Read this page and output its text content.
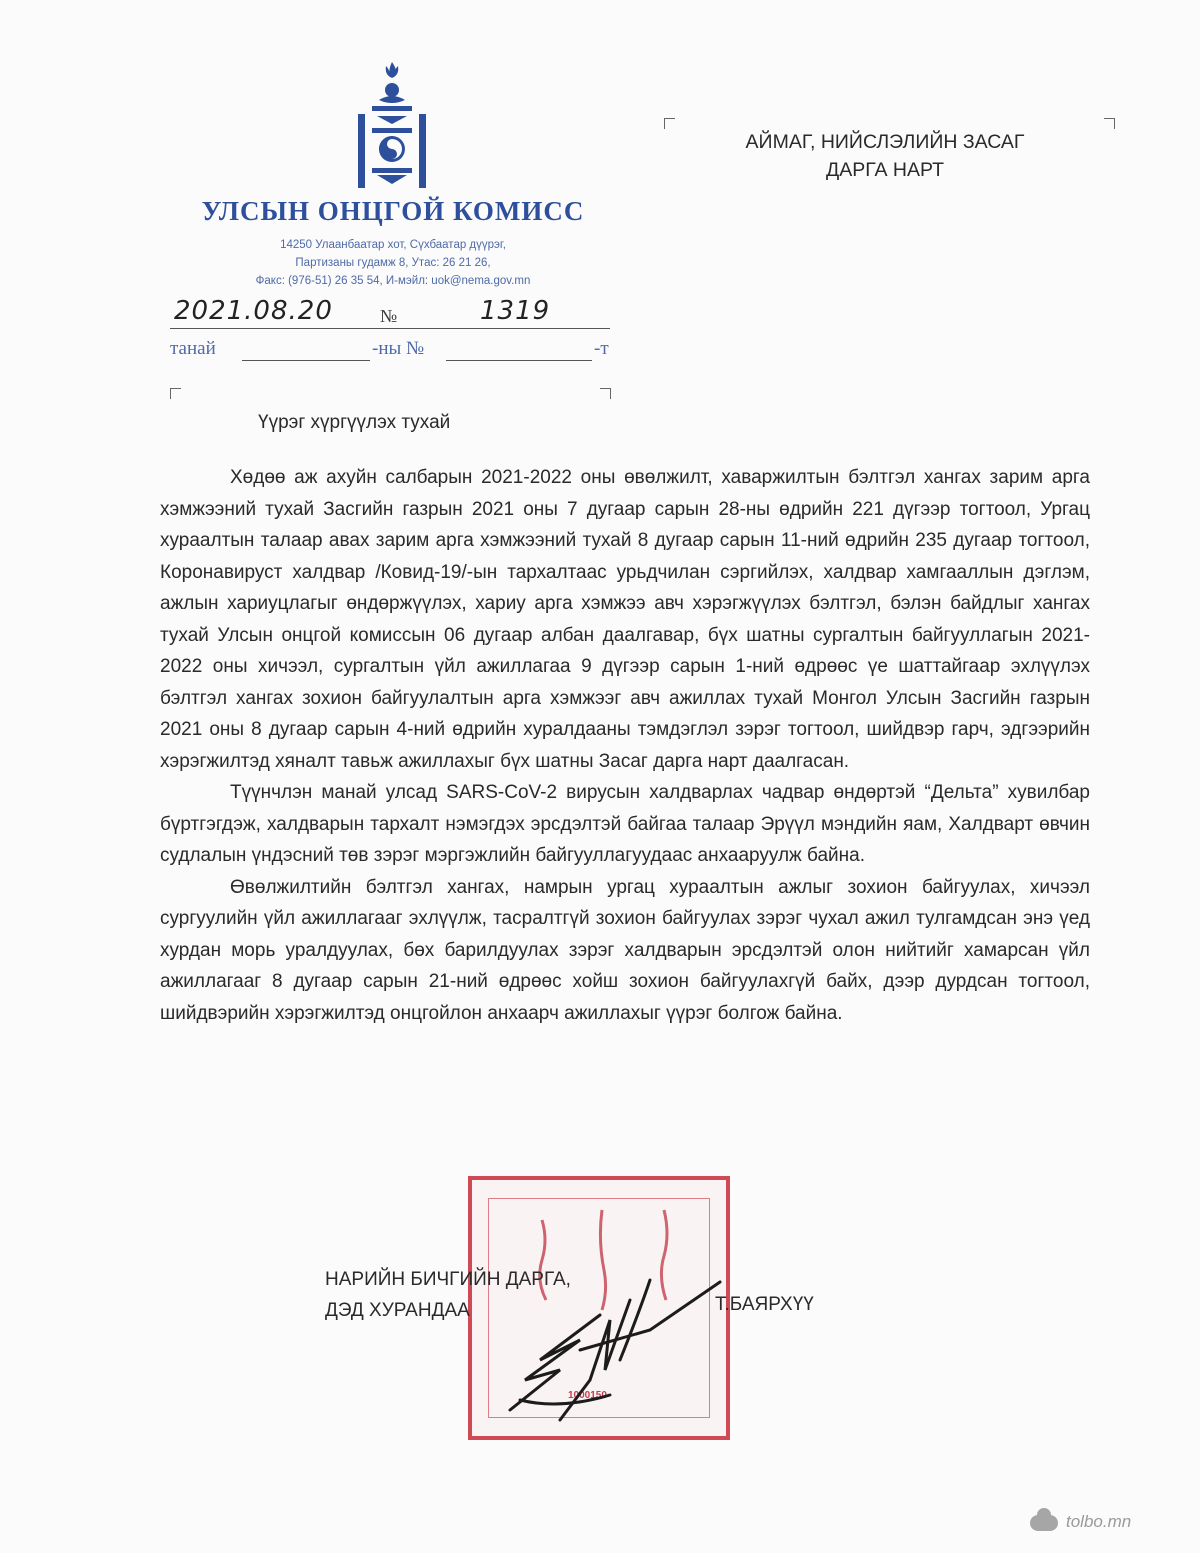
УЛСЫН ОНЦГОЙ КОМИСС
14250 Улаанбаатар хот, Сүхбаатар дүүрэг,
Партизаны гудамж 8, Утас: 26 21 26,
Факс: (976-51) 26 35 54, И-мэйл: uok@nema.gov.mn
2021.08.20	№	1319
танай	-ны №	-т
АЙМАГ, НИЙСЛЭЛИЙН ЗАСАГ
ДАРГА НАРТ
Үүрэг хүргүүлэх тухай

Хөдөө аж ахуйн салбарын 2021-2022 оны өвөлжилт, хаваржилтын бэлтгэл хангах зарим арга хэмжээний тухай Засгийн газрын 2021 оны 7 дугаар сарын 28-ны өдрийн 221 дүгээр тогтоол, Ургац хураалтын талаар авах зарим арга хэмжээний тухай 8 дугаар сарын 11-ний өдрийн 235 дугаар тогтоол, Коронавируст халдвар /Ковид-19/-ын тархалтаас урьдчилан сэргийлэх, халдвар хамгааллын дэглэм, ажлын хариуцлагыг өндөржүүлэх, хариу арга хэмжээ авч хэрэгжүүлэх бэлтгэл, бэлэн байдлыг хангах тухай Улсын онцгой комиссын 06 дугаар албан даалгавар, бүх шатны сургалтын байгууллагын 2021-2022 оны хичээл, сургалтын үйл ажиллагаа 9 дүгээр сарын 1-ний өдрөөс үе шаттайгаар эхлүүлэх бэлтгэл хангах зохион байгуулалтын арга хэмжээг авч ажиллах тухай Монгол Улсын Засгийн газрын 2021 оны 8 дугаар сарын 4-ний өдрийн хуралдааны тэмдэглэл зэрэг тогтоол, шийдвэр гарч, эдгээрийн хэрэгжилтэд хяналт тавьж ажиллахыг бүх шатны Засаг дарга нарт даалгасан.

Түүнчлэн манай улсад SARS-CoV-2 вирусын халдварлах чадвар өндөртэй “Дельта” хувилбар бүртгэгдэж, халдварын тархалт нэмэгдэх эрсдэлтэй байгаа талаар Эрүүл мэндийн яам, Халдварт өвчин судлалын үндэсний төв зэрэг мэргэжлийн байгууллагуудаас анхааруулж байна.

Өвөлжилтийн бэлтгэл хангах, намрын ургац хураалтын ажлыг зохион байгуулах, хичээл сургуулийн үйл ажиллагааг эхлүүлж, тасралтгүй зохион байгуулах зэрэг чухал ажил тулгамдсан энэ үед хурдан морь уралдуулах, бөх барилдуулах зэрэг халдварын эрсдэлтэй олон нийтийг хамарсан үйл ажиллагааг 8 дугаар сарын 21-ний өдрөөс хойш зохион байгуулахгүй байх, дээр дурдсан тогтоол, шийдвэрийн хэрэгжилтэд онцгойлон анхаарч ажиллахыг үүрэг болгож байна.

1000150
НАРИЙН БИЧГИЙН ДАРГА,
ДЭД ХУРАНДАА	Т.БАЯРХҮҮ
tolbo.mn
